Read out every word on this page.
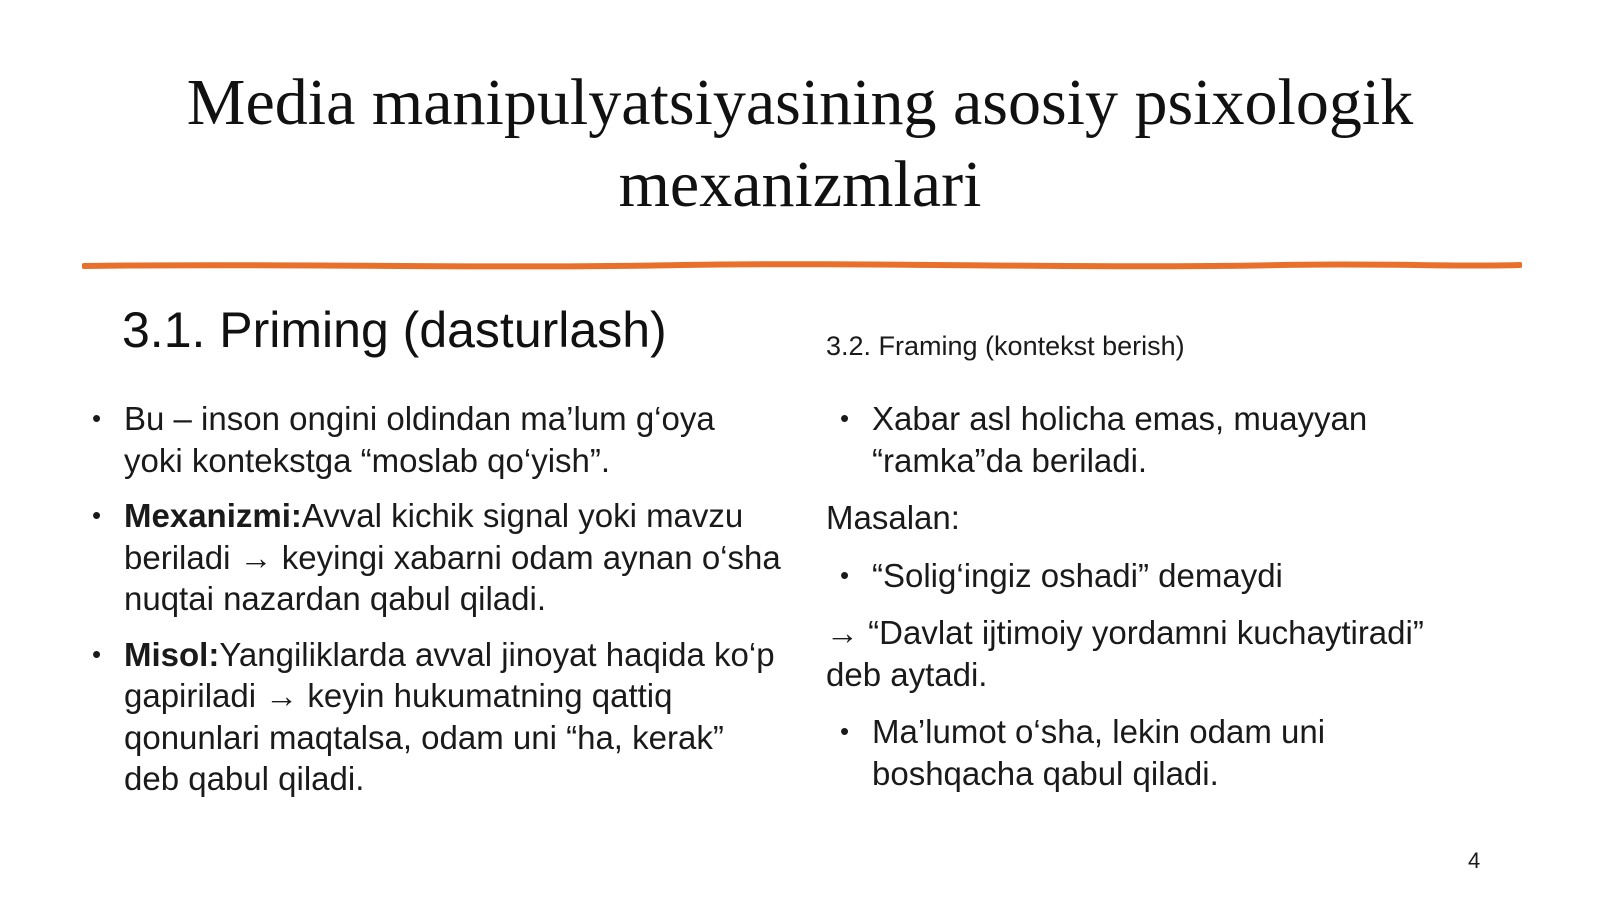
Media manipulyatsiyasining asosiy psixologik
mexanizmlari
3.1. Priming (dasturlash)	3.2. Framing (kontekst berish)
• Bu – inson ongini oldindan ma’lum g‘oya yoki kontekstga “moslab qo‘yish”.
• Mexanizmi:Avval kichik signal yoki mavzu beriladi → keyingi xabarni odam aynan o‘sha nuqtai nazardan qabul qiladi.
• Misol:Yangiliklarda avval jinoyat haqida ko‘p gapiriladi → keyin hukumatning qattiq qonunlari maqtalsa, odam uni “ha, kerak” deb qabul qiladi.
• Xabar asl holicha emas, muayyan “ramka”da beriladi.
Masalan:
• “Solig‘ingiz oshadi” demaydi
→ “Davlat ijtimoiy yordamni kuchaytiradi” deb aytadi.
• Ma’lumot o‘sha, lekin odam uni boshqacha qabul qiladi.
4
